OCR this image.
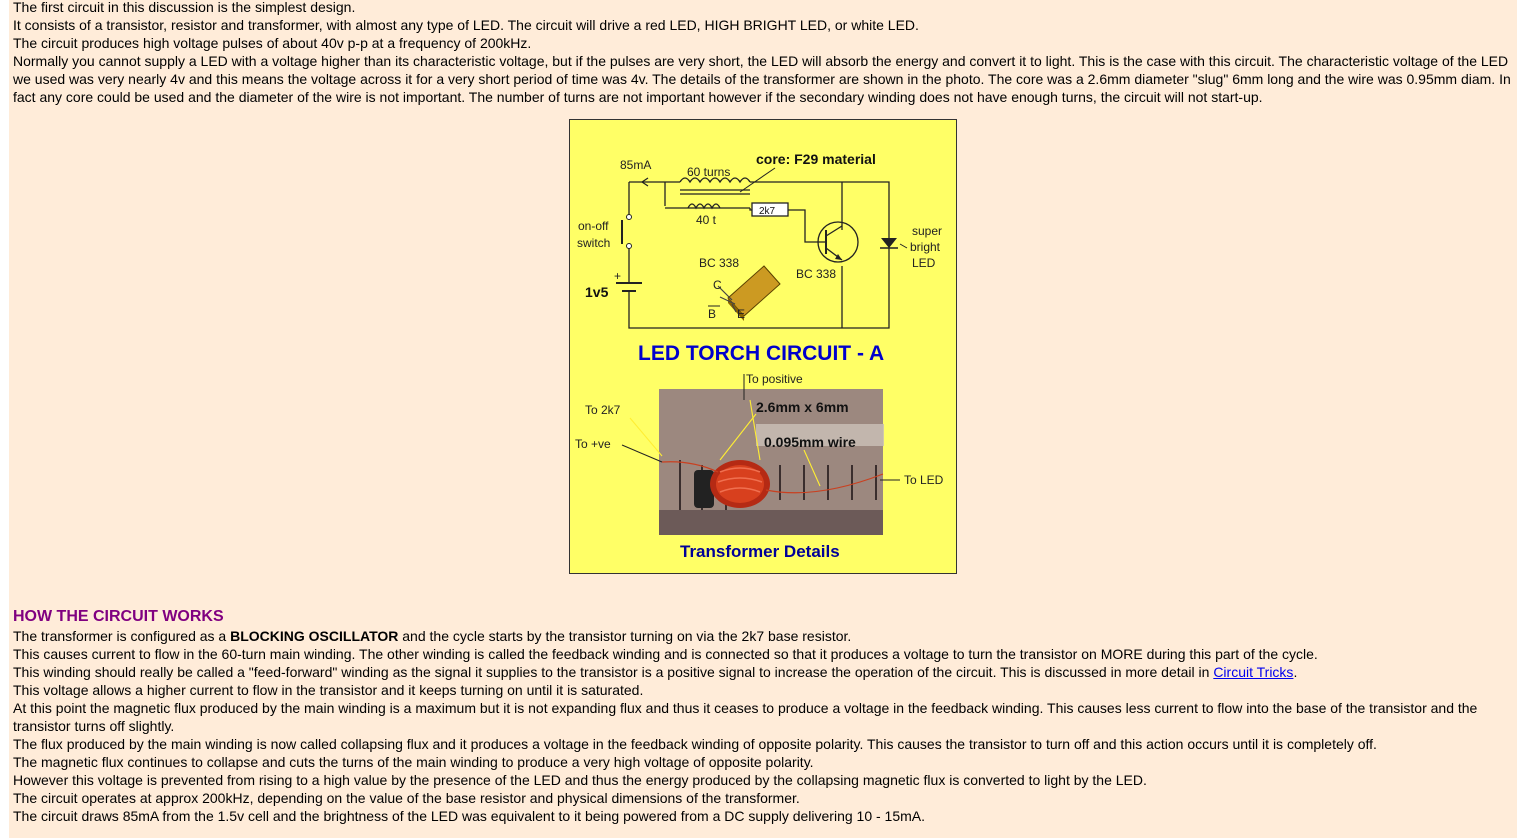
The first circuit in this discussion is the simplest design.

It consists of a transistor, resistor and transformer, with almost any type of LED. The circuit will drive a red LED, HIGH BRIGHT LED, or white LED.

The circuit produces high voltage pulses of about 40v p-p at a frequency of 200kHz.

Normally you cannot supply a LED with a voltage higher than its characteristic voltage, but if the pulses are very short, the LED will absorb the energy and convert it to light. This is the case with this circuit. The characteristic voltage of the LED we used was very nearly 4v and this means the voltage across it for a very short period of time was 4v. The details of the transformer are shown in the photo. The core was a 2.6mm diameter "slug" 6mm long and the wire was 0.95mm diam. In fact any core could be used and the diameter of the wire is not important. The number of turns are not important however if the secondary winding does not have enough turns, the circuit will not start-up.

85mA	60 turns
core: F29 material
40 t
2k7
on-off
switch
+
1v5
BC 338
C
B E
BC 338
super
bright
LED
LED TORCH CIRCUIT - A
To positive
To 2k7
To +ve
2.6mm x 6mm
0.095mm wire
To LED
Transformer Details
HOW THE CIRCUIT WORKS

The transformer is configured as a BLOCKING OSCILLATOR and the cycle starts by the transistor turning on via the 2k7 base resistor.

This causes current to flow in the 60-turn main winding. The other winding is called the feedback winding and is connected so that it produces a voltage to turn the transistor on MORE during this part of the cycle.

This winding should really be called a "feed-forward" winding as the signal it supplies to the transistor is a positive signal to increase the operation of the circuit. This is discussed in more detail in Circuit Tricks.

This voltage allows a higher current to flow in the transistor and it keeps turning on until it is saturated.

At this point the magnetic flux produced by the main winding is a maximum but it is not expanding flux and thus it ceases to produce a voltage in the feedback winding. This causes less current to flow into the base of the transistor and the transistor turns off slightly.

The flux produced by the main winding is now called collapsing flux and it produces a voltage in the feedback winding of opposite polarity. This causes the transistor to turn off and this action occurs until it is completely off.

The magnetic flux continues to collapse and cuts the turns of the main winding to produce a very high voltage of opposite polarity.

However this voltage is prevented from rising to a high value by the presence of the LED and thus the energy produced by the collapsing magnetic flux is converted to light by the LED.

The circuit operates at approx 200kHz, depending on the value of the base resistor and physical dimensions of the transformer.

The circuit draws 85mA from the 1.5v cell and the brightness of the LED was equivalent to it being powered from a DC supply delivering 10 - 15mA.
